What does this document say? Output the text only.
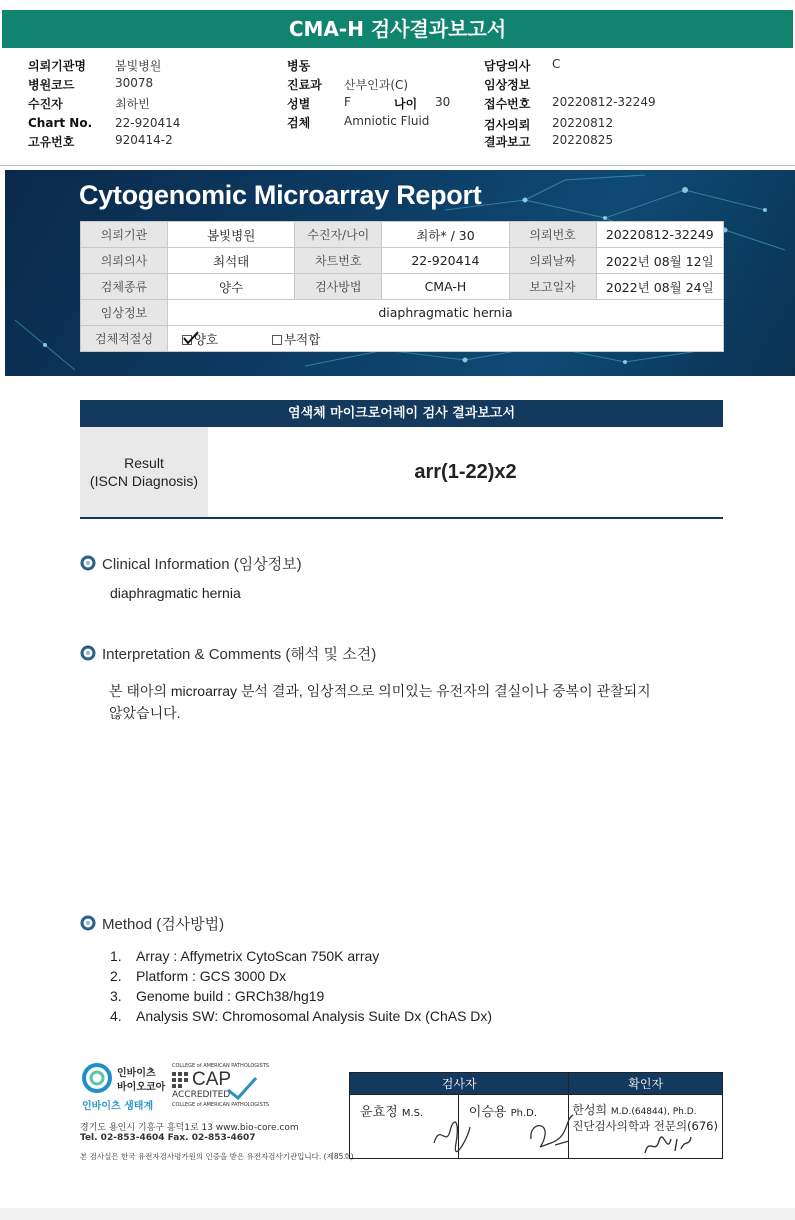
CMA-H 검사결과보고서
의뢰기관명 봄빛병원
병원코드	30078
수진자	최하빈
Chart No. 22-920414
고유번호	920414-2
병동
진료과 산부인과(C)
성별	F	나이 30
검체	Amniotic Fluid
담당의사 C
임상정보
접수번호 20220812-32249
검사의뢰 20220812
결과보고 20220825
Cytogenomic Microarray Report
의뢰기관	봄빛병원	수진자/나이	최하* / 30	의뢰번호	20220812-32249
의뢰의사	최석태	차트번호	22-920414	의뢰날짜	2022년 08월 12일
검체종류	양수	검사방법	CMA-H	보고일자	2022년 08월 24일
임상정보	diaphragmatic hernia				
검체적절성	양호 부적합				
염색체 마이크로어레이 검사 결과보고서
Result
(ISCN Diagnosis)	arr(1-22)x2
Clinical Information (임상정보)
diaphragmatic hernia
Interpretation & Comments (해석 및 소견)
본 태아의 microarray 분석 결과, 임상적으로 의미있는 유전자의 결실이나 중복이 관찰되지
않았습니다.
Method (검사방법)
1. Array : Affymetrix CytoScan 750K array
2. Platform : GCS 3000 Dx
3. Genome build : GRCh38/hg19
4. Analysis SW: Chromosomal Analysis Suite Dx (ChAS Dx)
인바이츠
바이오코아
인바이츠 생태계
COLLEGE of AMERICAN PATHOLOGISTS
CAP
ACCREDITED
COLLEGE of AMERICAN PATHOLOGISTS
경기도 용인시 기흥구 흥덕1로 13 www.bio-core.com
Tel. 02-853-4604 Fax. 02-853-4607
본 검사실은 한국 유전자검사평가원의 인증을 받은 유전자검사기관입니다. (제85호)
검사자		확인자
윤효정 M.S.	이승용 Ph.D.	한성희 M.D.(64844), Ph.D.
진단검사의학과 전문의(676)
